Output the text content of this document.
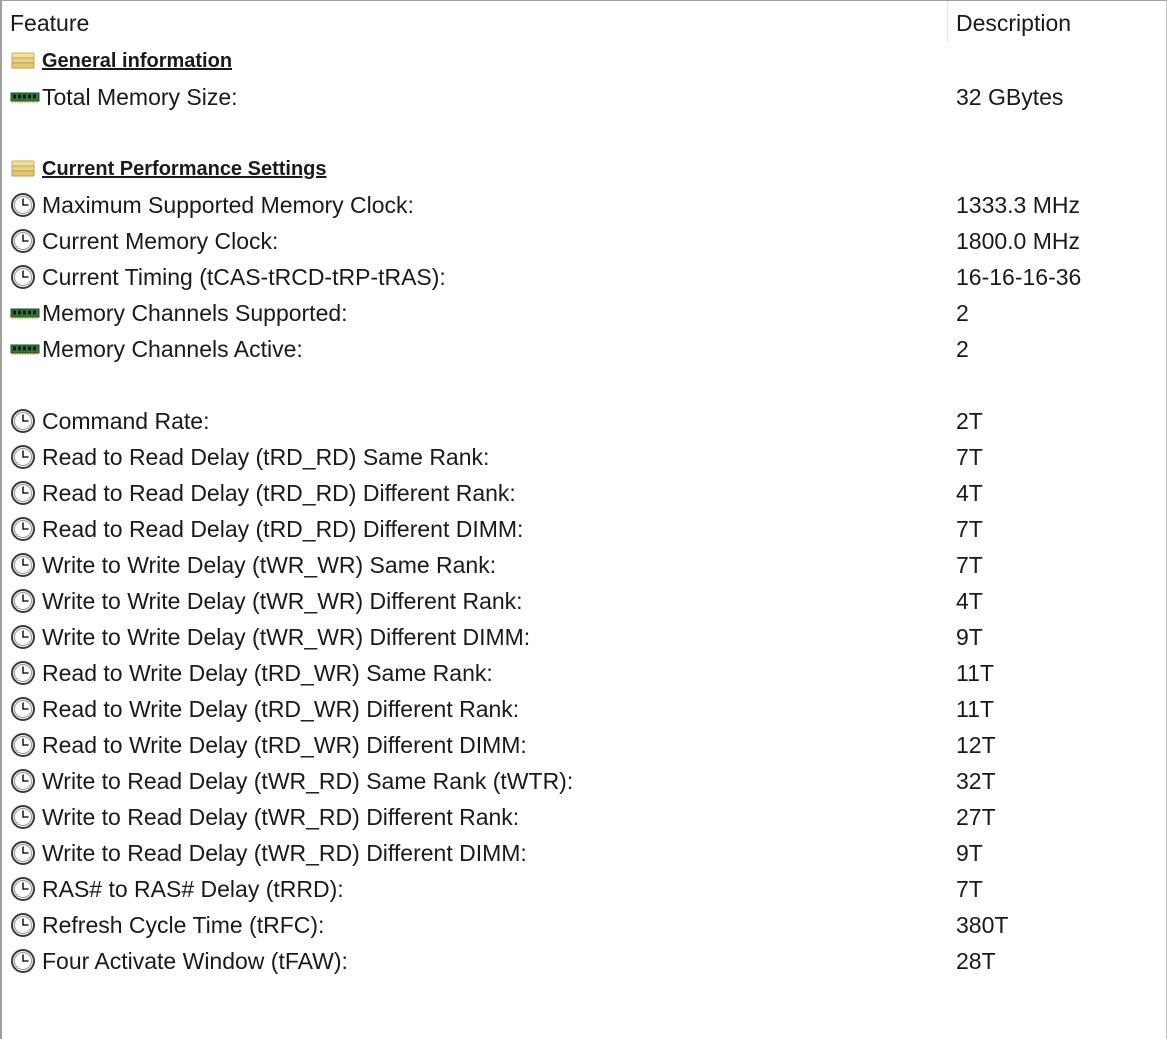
Feature	Description
General information
Total Memory Size:	32 GBytes
Current Performance Settings
Maximum Supported Memory Clock:	1333.3 MHz
Current Memory Clock:	1800.0 MHz
Current Timing (tCAS-tRCD-tRP-tRAS):	16-16-16-36
Memory Channels Supported:	2
Memory Channels Active:	2
Command Rate:	2T
Read to Read Delay (tRD_RD) Same Rank:	7T
Read to Read Delay (tRD_RD) Different Rank:	4T
Read to Read Delay (tRD_RD) Different DIMM:	7T
Write to Write Delay (tWR_WR) Same Rank:	7T
Write to Write Delay (tWR_WR) Different Rank:	4T
Write to Write Delay (tWR_WR) Different DIMM:	9T
Read to Write Delay (tRD_WR) Same Rank:	11T
Read to Write Delay (tRD_WR) Different Rank:	11T
Read to Write Delay (tRD_WR) Different DIMM:	12T
Write to Read Delay (tWR_RD) Same Rank (tWTR):	32T
Write to Read Delay (tWR_RD) Different Rank:	27T
Write to Read Delay (tWR_RD) Different DIMM:	9T
RAS# to RAS# Delay (tRRD):	7T
Refresh Cycle Time (tRFC):	380T
Four Activate Window (tFAW):	28T
